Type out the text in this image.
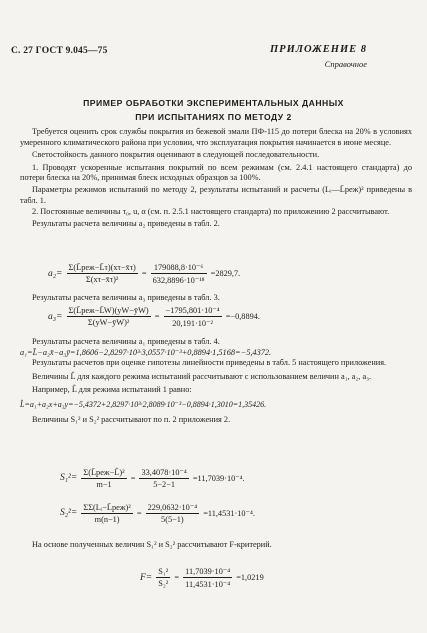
С. 27 ГОСТ 9.045—75	ПРИЛОЖЕНИЕ 8
Справочное
ПРИМЕР ОБРАБОТКИ ЭКСПЕРИМЕНТАЛЬНЫХ ДАННЫХ
ПРИ ИСПЫТАНИЯХ ПО МЕТОДУ 2
Требуется оценить срок службы покрытия из бежевой эмали ПФ-115 до потери блеска на 20% в условиях умеренного климатического района при условии, что эксплуатация покрытия начинается в июне месяце.
Светостойкость данного покрытия оценивают в следующей последовательности.
1. Проводят ускоренные испытания покрытий по всем режимам (см. 2.4.1 настоящего стандарта) до потери блеска на 20%, принимая блеск исходных образцов за 100%.
Параметры режимов испытаний по методу 2, результаты испытаний и расчеты (Lᵢ—L̄реж)² приведены в табл. 1.
2. Постоянные величины τ₀, u, α (см. п. 2.5.1 настоящего стандарта) по приложению 2 рассчитывают.
Результаты расчета величины a₂ приведены в табл. 2.
$a_2= \frac{\text{Σ(L̄реж−L̄τ)(xτ−x̄τ)}}{\text{Σ(xτ−x̄τ)²}} = \frac{\text{179088,8·10⁻⁶}}{\text{632,8896·10⁻¹⁸}} =2829,7$.
Результаты расчета величины a₃ приведены в табл. 3.
$a_3= \frac{\text{Σ(L̄реж−L̄W)(yW−ȳW)}}{\text{Σ(yW−ȳW)²}} = \frac{\text{−1795,801·10⁻⁴}}{\text{20,191·10⁻²}} =-0,8894$.
Результаты расчета величины a₁ приведены в табл. 4.
a₁=L̄−a₂x̄−a₃ȳ=1,8606−2,8297·10³·3,0557·10⁻³+0,8894·1,5168=−5,4372.
Результаты расчетов при оценке гипотезы линейности приведены в табл. 5 настоящего приложения.
Величины L̂ для каждого режима испытаний рассчитывают с использованием величин a₁, a₂, a₃.
Например, L̂ для режима испытаний 1 равно:
L̂=a₁+a₂x+a₃y=−5,4372+2,8297·10³·2,8089·10⁻³−0,8894·1,3010=1,35426.
Величины S₁² и S₂² рассчитывают по п. 2 приложения 2.
$S_1^2= \frac{\text{Σ(L̄реж−L̂)²}}{m-1} = \frac{\text{33,4078·10⁻⁴}}{5-2-1} =11,7039\cdot 10^{-4}$.
$S_2^2= \frac{\text{ΣΣ(Lᵢ−L̄реж)²}}{m(n-1)} = \frac{\text{229,0632·10⁻⁴}}{5(5-1)} =11,4531\cdot 10^{-4}$.
На основе полученных величин S₁² и S₂² рассчитывают F-критерий.
$F= \frac{\text{S₁²}}{\text{S₂²}} = \frac{\text{11,7039·10⁻⁴}}{\text{11,4531·10⁻⁴}} =1,0219$
